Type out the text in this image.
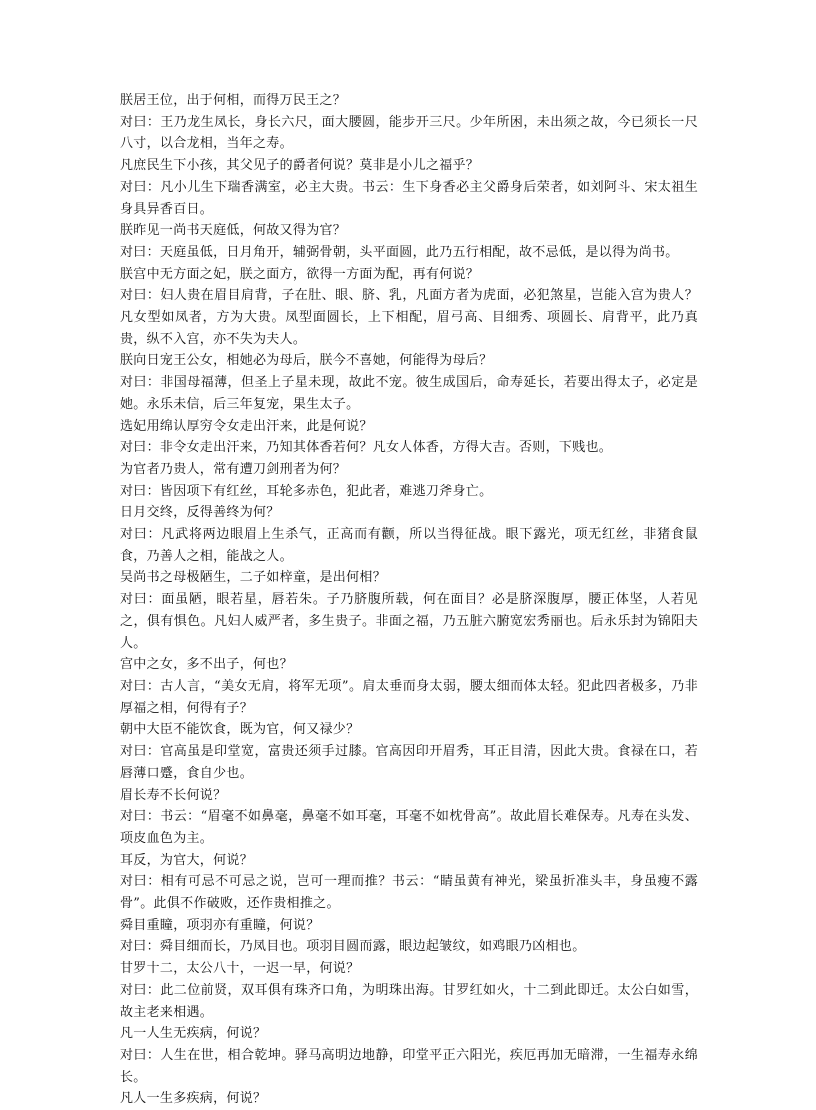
朕居王位，出于何相，而得万民王之？

对曰：王乃龙生凤长，身长六尺，面大腰圆，能步开三尺。少年所困，未出须之故，今已须长一尺八寸，以合龙相，当年之寿。

凡庶民生下小孩，其父见子的爵者何说？莫非是小儿之福乎？

对曰：凡小儿生下瑞香满室，必主大贵。书云：生下身香必主父爵身后荣者，如刘阿斗、宋太祖生身具异香百日。

朕昨见一尚书天庭低，何故又得为官？

对曰：天庭虽低，日月角开，辅弼骨朝，头平面圆，此乃五行相配，故不忌低，是以得为尚书。

朕宫中无方面之妃，朕之面方，欲得一方面为配，再有何说？

对曰：妇人贵在眉目肩背，子在肚、眼、脐、乳，凡面方者为虎面，必犯煞星，岂能入宫为贵人？凡女型如凤者，方为大贵。凤型面圆长，上下相配，眉弓高、目细秀、项圆长、肩背平，此乃真贵，纵不入宫，亦不失为夫人。

朕向日宠王公女，相她必为母后，朕今不喜她，何能得为母后？

对曰：非国母福薄，但圣上子星未现，故此不宠。彼生成国后，命寿延长，若要出得太子，必定是她。永乐未信，后三年复宠，果生太子。

选妃用绵认厚穷令女走出汗来，此是何说？

对曰：非令女走出汗来，乃知其体香若何？凡女人体香，方得大吉。否则，下贱也。

为官者乃贵人，常有遭刀剑刑者为何？

对曰：皆因项下有红丝，耳轮多赤色，犯此者，难逃刀斧身亡。

日月交终，反得善终为何？

对曰：凡武将两边眼眉上生杀气，正高而有颧，所以当得征战。眼下露光，项无红丝，非猪食鼠食，乃善人之相，能战之人。

吴尚书之母极陋生，二子如梓童，是出何相？

对曰：面虽陋，眼若星，唇若朱。子乃脐腹所载，何在面目？必是脐深腹厚，腰正体坚，人若见之，俱有惧色。凡妇人威严者，多生贵子。非面之福，乃五脏六腑宽宏秀丽也。后永乐封为锦阳夫人。

宫中之女，多不出子，何也？

对曰：古人言，“美女无肩，将军无项”。肩太垂而身太弱，腰太细而体太轻。犯此四者极多，乃非厚福之相，何得有子？

朝中大臣不能饮食，既为官，何又禄少？

对曰：官高虽是印堂宽，富贵还须手过膝。官高因印开眉秀，耳正目清，因此大贵。食禄在口，若唇薄口蹙，食自少也。

眉长寿不长何说？

对曰：书云：“眉毫不如鼻毫，鼻毫不如耳毫，耳毫不如枕骨高”。故此眉长难保寿。凡寿在头发、项皮血色为主。

耳反，为官大，何说？

对曰：相有可忌不可忌之说，岂可一理而推？书云：“睛虽黄有神光，梁虽折准头丰，身虽瘦不露骨”。此俱不作破败，还作贵相推之。

舜目重瞳，项羽亦有重瞳，何说？

对曰：舜目细而长，乃凤目也。项羽目圆而露，眼边起皱纹，如鸡眼乃凶相也。

甘罗十二，太公八十，一迟一早，何说？

对曰：此二位前贤，双耳俱有珠齐口角，为明珠出海。甘罗红如火，十二到此即迁。太公白如雪，故主老来相遇。

凡一人生无疾病，何说？

对曰：人生在世，相合乾坤。驿马高明边地静，印堂平正六阳光，疾厄再加无暗滞，一生福寿永绵长。

凡人一生多疾病，何说？
